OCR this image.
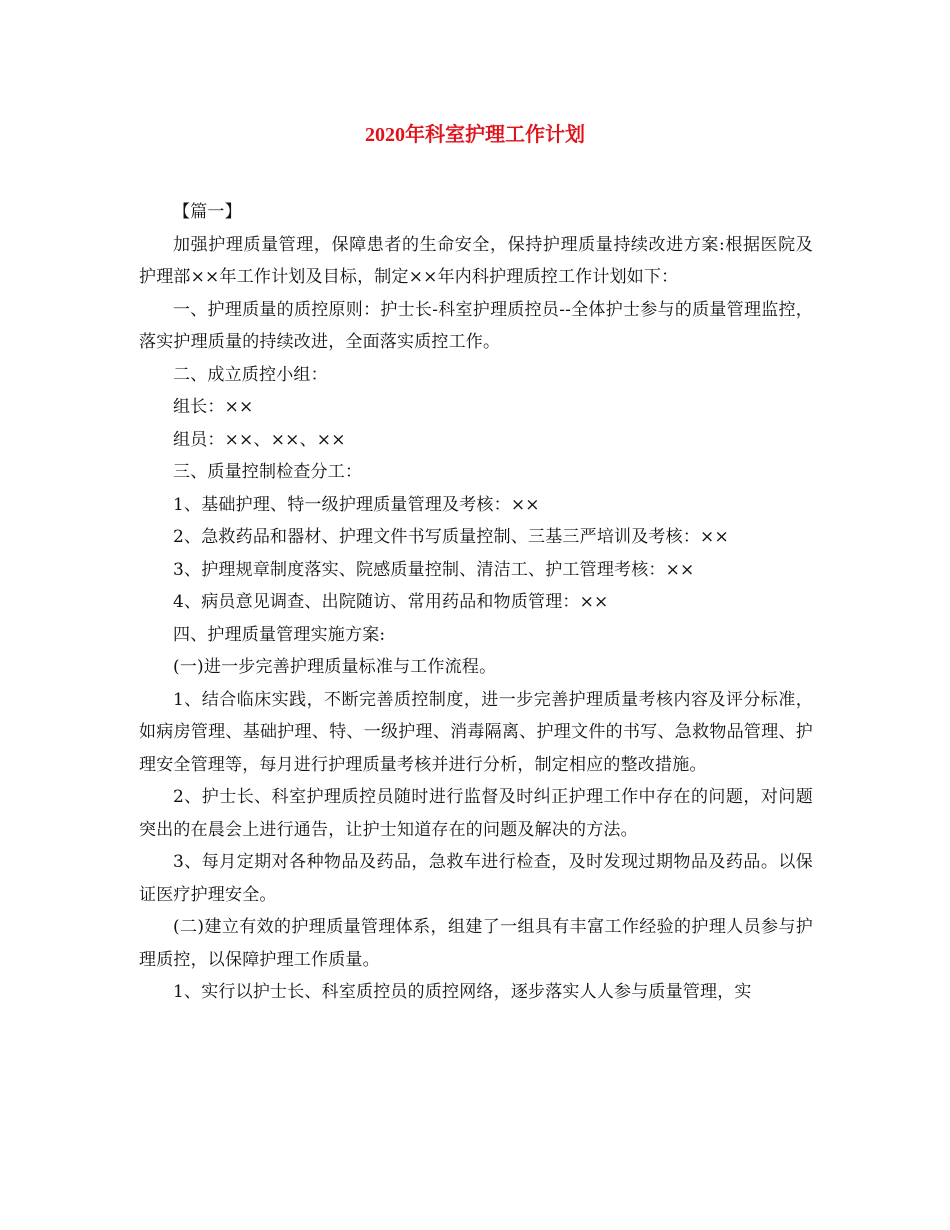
2020年科室护理工作计划

【篇一】

加强护理质量管理，保障患者的生命安全，保持护理质量持续改进方案:根据医院及护理部××年工作计划及目标，制定××年内科护理质控工作计划如下：

一、护理质量的质控原则：护士长-科室护理质控员--全体护士参与的质量管理监控，落实护理质量的持续改进，全面落实质控工作。

二、成立质控小组：

组长：××

组员：××、××、××

三、质量控制检查分工：

1、基础护理、特一级护理质量管理及考核：××

2、急救药品和器材、护理文件书写质量控制、三基三严培训及考核：××

3、护理规章制度落实、院感质量控制、清洁工、护工管理考核：××

4、病员意见调查、出院随访、常用药品和物质管理：××

四、护理质量管理实施方案:

(一)进一步完善护理质量标准与工作流程。

1、结合临床实践，不断完善质控制度，进一步完善护理质量考核内容及评分标准，如病房管理、基础护理、特、一级护理、消毒隔离、护理文件的书写、急救物品管理、护理安全管理等，每月进行护理质量考核并进行分析，制定相应的整改措施。

2、护士长、科室护理质控员随时进行监督及时纠正护理工作中存在的问题，对问题突出的在晨会上进行通告，让护士知道存在的问题及解决的方法。

3、每月定期对各种物品及药品，急救车进行检查，及时发现过期物品及药品。以保证医疗护理安全。

(二)建立有效的护理质量管理体系，组建了一组具有丰富工作经验的护理人员参与护理质控，以保障护理工作质量。

1、实行以护士长、科室质控员的质控网络，逐步落实人人参与质量管理，实
